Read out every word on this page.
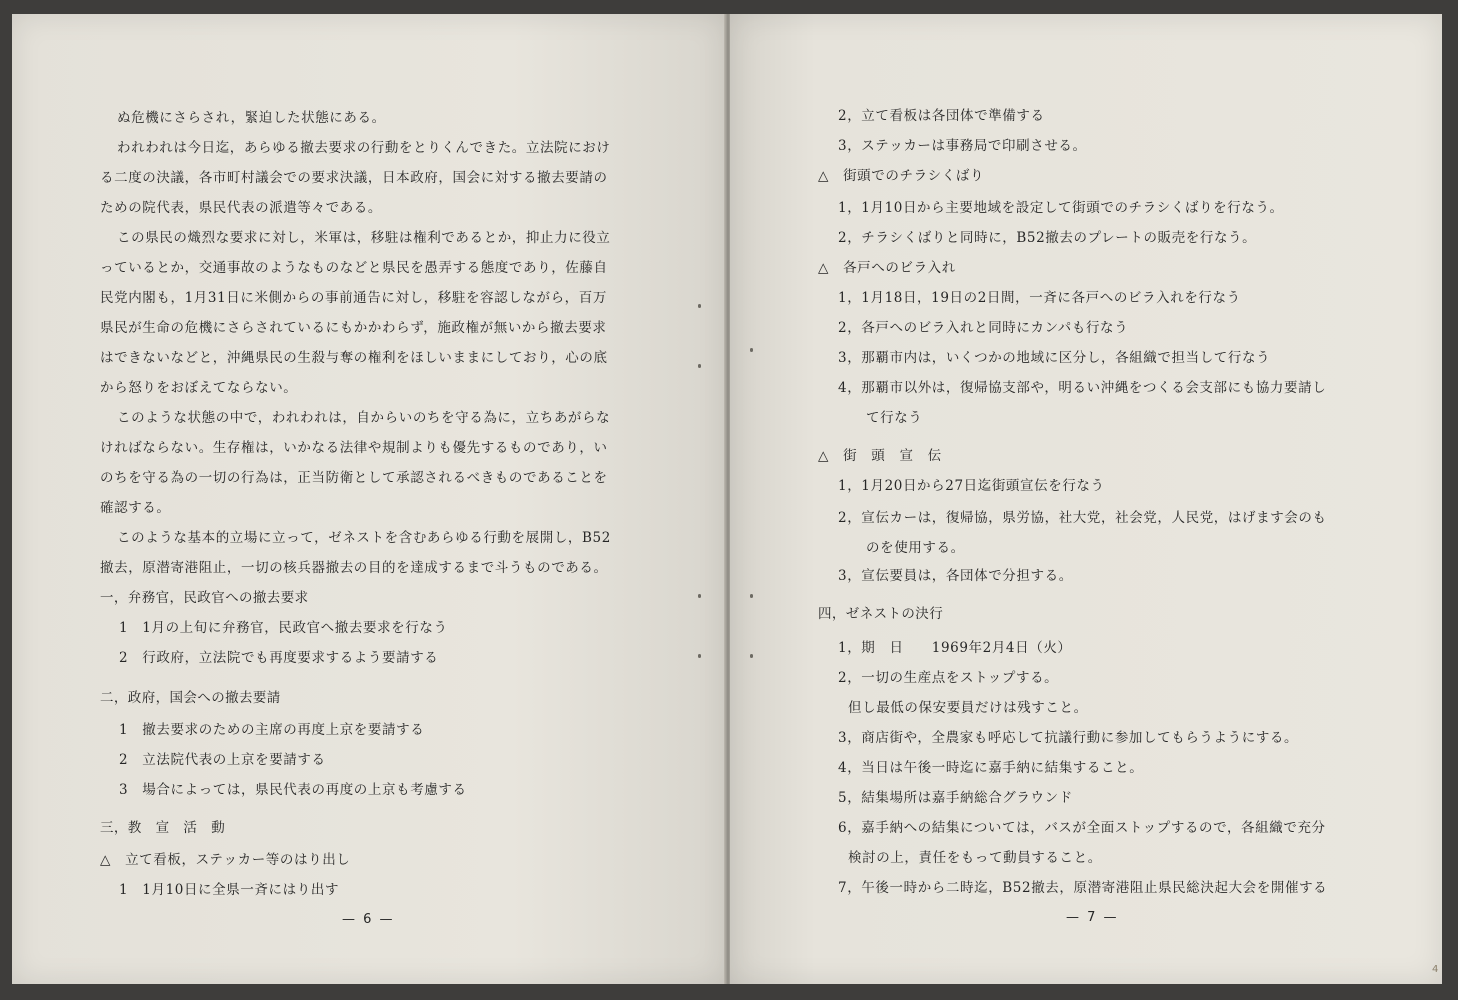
ぬ危機にさらされ，緊迫した状態にある。
われわれは今日迄，あらゆる撤去要求の行動をとりくんできた。立法院におけ
る二度の決議，各市町村議会での要求決議，日本政府，国会に対する撤去要請の
ための院代表，県民代表の派遣等々である。
この県民の熾烈な要求に対し，米軍は，移駐は権利であるとか，抑止力に役立
っているとか，交通事故のようなものなどと県民を愚弄する態度であり，佐藤自
民党内閣も，1月31日に米側からの事前通告に対し，移駐を容認しながら，百万
県民が生命の危機にさらされているにもかかわらず，施政権が無いから撤去要求
はできないなどと，沖縄県民の生殺与奪の権利をほしいままにしており，心の底
から怒りをおぼえてならない。
このような状態の中で，われわれは，自からいのちを守る為に，立ちあがらな
ければならない。生存権は，いかなる法律や規制よりも優先するものであり，い
のちを守る為の一切の行為は，正当防衛として承認されるべきものであることを
確認する。
このような基本的立場に立って，ゼネストを含むあらゆる行動を展開し，B52
撤去，原潜寄港阻止，一切の核兵器撤去の目的を達成するまで斗うものである。
一，弁務官，民政官への撤去要求
1　1月の上旬に弁務官，民政官へ撤去要求を行なう
2　行政府，立法院でも再度要求するよう要請する
二，政府，国会への撤去要請
1　撤去要求のための主席の再度上京を要請する
2　立法院代表の上京を要請する
3　場合によっては，県民代表の再度の上京も考慮する
三，教　宣　活　動
△　立て看板，ステッカー等のはり出し
1　1月10日に全県一斉にはり出す
— 6 —
2，立て看板は各団体で準備する
3，ステッカーは事務局で印刷させる。
△　街頭でのチラシくばり
1，1月10日から主要地域を設定して街頭でのチラシくばりを行なう。
2，チラシくばりと同時に，B52撤去のプレートの販売を行なう。
△　各戸へのビラ入れ
1，1月18日，19日の2日間，一斉に各戸へのビラ入れを行なう
2，各戸へのビラ入れと同時にカンパも行なう
3，那覇市内は，いくつかの地域に区分し，各組織で担当して行なう
4，那覇市以外は，復帰協支部や，明るい沖縄をつくる会支部にも協力要請し
て行なう
△　街　頭　宣　伝
1，1月20日から27日迄街頭宣伝を行なう
2，宣伝カーは，復帰協，県労協，社大党，社会党，人民党，はげます会のも
のを使用する。
3，宣伝要員は，各団体で分担する。
四，ゼネストの決行
1，期　日　　1969年2月4日（火）
2，一切の生産点をストップする。
但し最低の保安要員だけは残すこと。
3，商店街や，全農家も呼応して抗議行動に参加してもらうようにする。
4，当日は午後一時迄に嘉手納に結集すること。
5，結集場所は嘉手納総合グラウンド
6，嘉手納への結集については，バスが全面ストップするので，各組織で充分
検討の上，責任をもって動員すること。
7，午後一時から二時迄，B52撤去，原潜寄港阻止県民総決起大会を開催する
— 7 —
4
